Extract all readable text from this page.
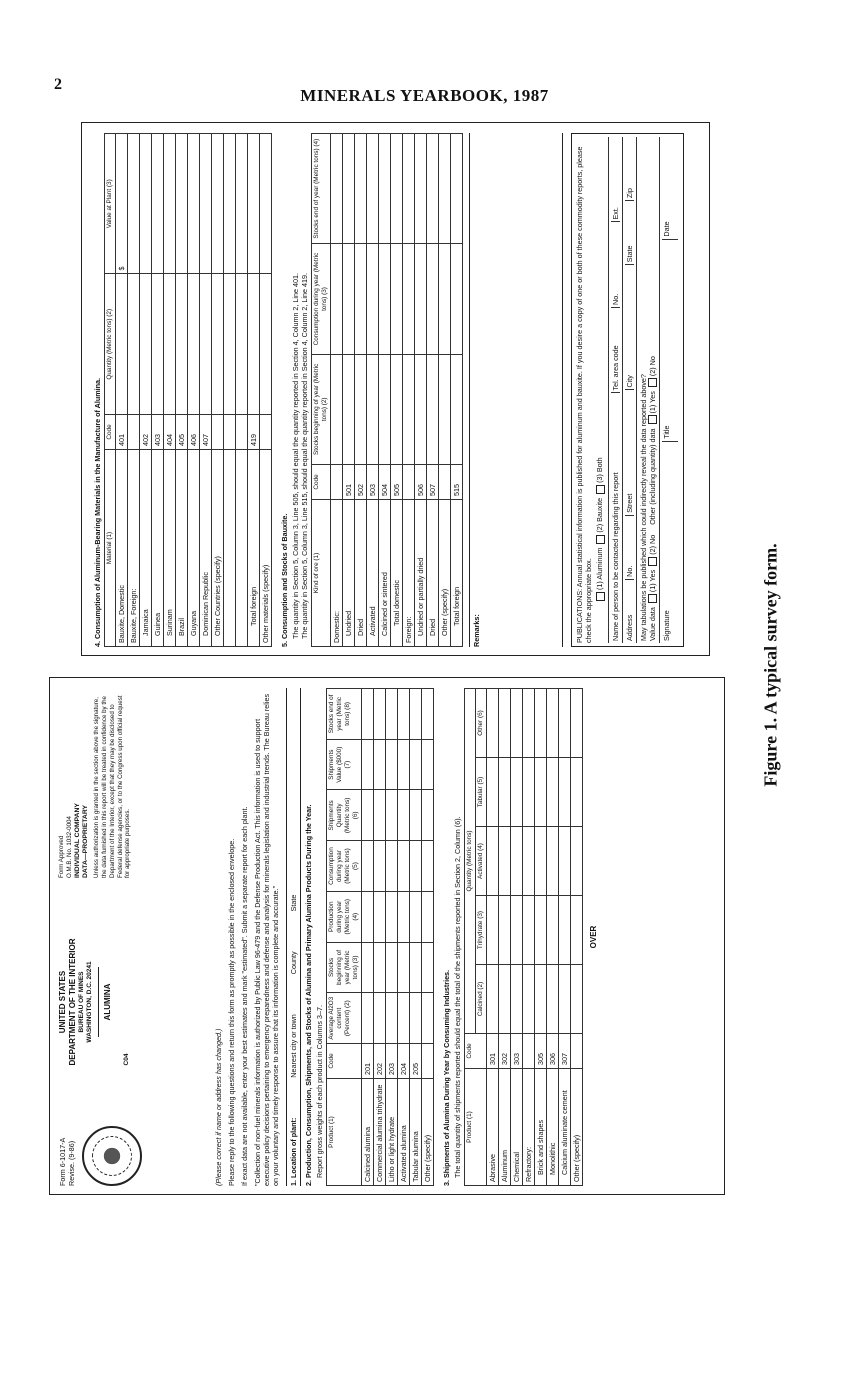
2
MINERALS YEARBOOK, 1987
Form 6-1017-A Revise. (9-86)
UNITED STATES DEPARTMENT OF THE INTERIOR BUREAU OF MINES WASHINGTON, D.C. 20241 ALUMINA
C04
Form Approved O.M.B. No. 1032-0004 INDIVIDUAL COMPANY DATA—PROPRIETARY Unless authorization is granted in the section above the signature, the data furnished in this report will be treated in confidence by the Department of the Interior, except that they may be disclosed to Federal defense agencies, or to the Congress upon official request for appropriate purposes.
(Please correct if name or address has changed.) Please reply to the following questions and return this form as promptly as possible in the enclosed envelope. If exact data are not available, enter your best estimates and mark "estimated". Submit a separate report for each plant. "Collection of non-fuel minerals information is authorized by Public Law 96-479 and the Defense Production Act. This information is used to support executive policy decisions pertaining to emergency preparedness and defense and analysis for minerals legislation and industrial trends. The Bureau relies on your voluntary and timely response to assure that its information is complete and accurate." 1. Location of plant:
Nearest city or town
County
State 2. Production, Consumption, Shipments, and Stocks of Alumina and Primary Alumina Products During the Year. Report gross weights of each product in Columns 3–7. Product (1)	Code	Average Al2O3 content (Percent) (2)	Stocks beginning of year (Metric tons) (3)	Production during year (Metric tons) (4)	Consumption during year (Metric tons) (5)	Shipments Quantity (Metric tons) (6)	Shipments Value ($000) (7)	Stocks end of year (Metric tons) (8)
Calcined alumina	201							
Commercial alumina trihydrate	202							
Litho or light hydrate	203							
Activated alumina	204							
Tabular alumina	205							
Other (specify)								3. Shipments of Alumina During Year by Consuming Industries. The total quantity of shipments reported should equal the total of the shipments reported in Section 2, Column (6). Product (1)	Code	Quantity (Metric tons)				
		Calcined (2)	Trihydrate (3)	Activated (4)	Tabular (5)	Other (6)
Abrasive	301					
Aluminum	302					
Chemical	303					
Refractory:						
Brick and shapes	305					
Monolithic	306					
Calcium aluminate cement	307					
Other (specify)						
OVER
4. Consumption of Aluminum-Bearing Materials in the Manufacture of Alumina. Material (1)	Code	Quantity (Metric tons) (2)	Value at Plant (3)
Bauxite, Domestic	401		$
Bauxite, Foreign:			
Jamaica	402		
Guinea	403		
Surinam	404		
Brazil	405		
Guyana	406		
Dominican Republic	407		
Other Countries (specify)			

Total foreign	419		
Other materials (specify)			5. Consumption and Stocks of Bauxite. The quantity in Section 5, Column 3, Line 505, should equal the quantity reported in Section 4, Column 2, Line 401. The quantity in Section 5, Column 3, Line 515, should equal the quantity reported in Section 4, Column 2, Line 419. Kind of ore (1)	Code	Stocks beginning of year (Metric tons) (2)	Consumption during year (Metric tons) (3)	Stocks end of year (Metric tons) (4)
Domestic:				
Undried	501			
Dried	502			
Activated	503			
Calcined or sintered	504			
Total domestic	505			
Foreign:				
Undried or partially dried	506			
Dried	507			
Other (specify)				
Total foreign	515			
Remarks:	PUBLICATIONS: Annual statistical information is published for aluminum and bauxite. If you desire a copy of one or both of these commodity reports, please check the appropriate box. (1) Aluminum (2) Bauxite (3) Both
Name of person to be contacted regarding this report
Tel. area code
No.
Ext.
Address
No.
Street
City
State
Zip
May tabulations be published which could indirectly reveal the data reported above? Value data (1) Yes (2) No     Other (including quantity) data (1) Yes (2) No
Signature
Title
Date
Figure 1. A typical survey form.
